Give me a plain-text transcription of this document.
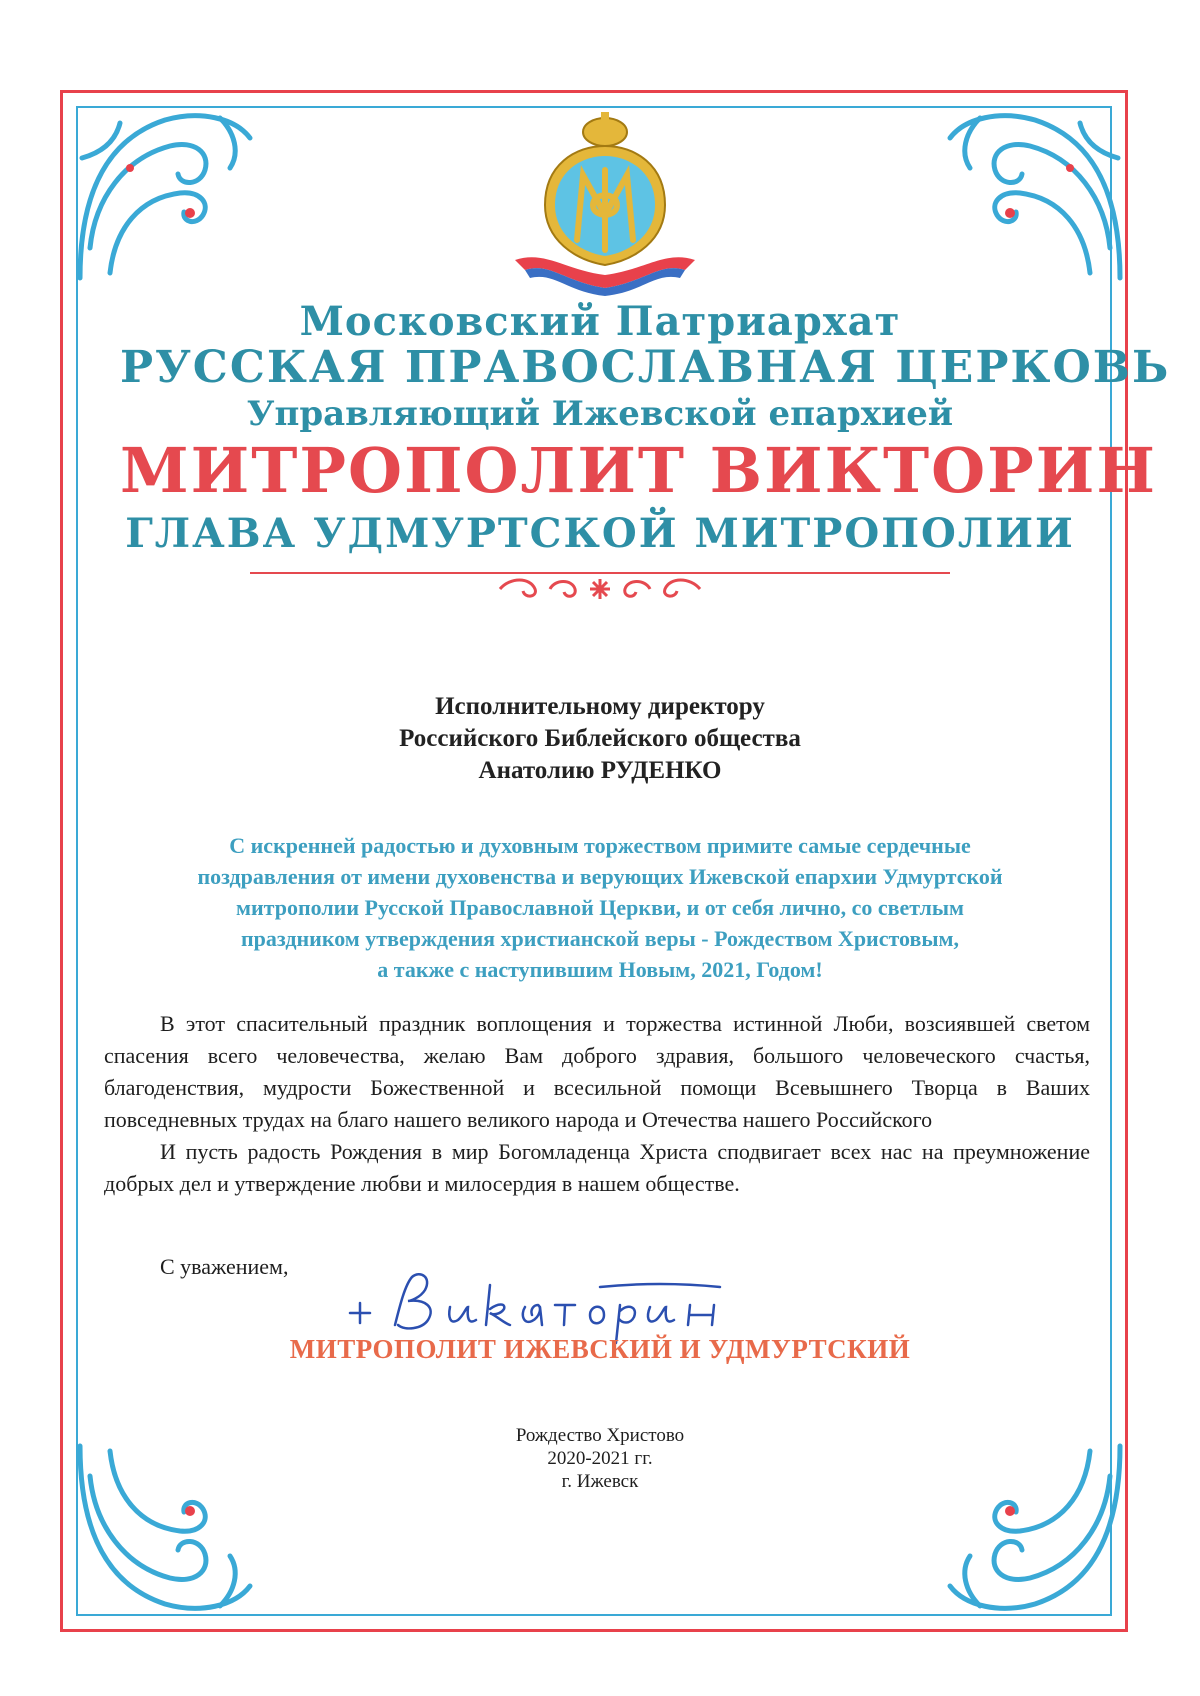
Московский Патриархат
РУССКАЯ ПРАВОСЛАВНАЯ ЦЕРКОВЬ
Управляющий Ижевской епархией
МИТРОПОЛИТ ВИКТОРИН
ГЛАВА УДМУРТСКОЙ МИТРОПОЛИИ
Исполнительному директору
Российского Библейского общества
Анатолию РУДЕНКО
С искренней радостью и духовным торжеством примите самые сердечные
поздравления от имени духовенства и верующих Ижевской епархии Удмуртской
митрополии Русской Православной Церкви, и от себя лично, со светлым
праздником утверждения христианской веры - Рождеством Христовым,
а также с наступившим Новым, 2021, Годом!

В этот спасительный праздник воплощения и торжества истинной Люби, возсиявшей светом спасения всего человечества, желаю Вам доброго здравия, большого человеческого счастья, благоденствия, мудрости Божественной и всесильной помощи Всевышнего Творца в Ваших повседневных трудах на благо нашего великого народа и Отечества нашего Российского

И пусть радость Рождения в мир Богомладенца Христа сподвигает всех нас на преумножение добрых дел и утверждение любви и милосердия в нашем обществе.

С уважением,
МИТРОПОЛИТ ИЖЕВСКИЙ И УДМУРТСКИЙ
Рождество Христово
2020-2021 гг.
г. Ижевск
